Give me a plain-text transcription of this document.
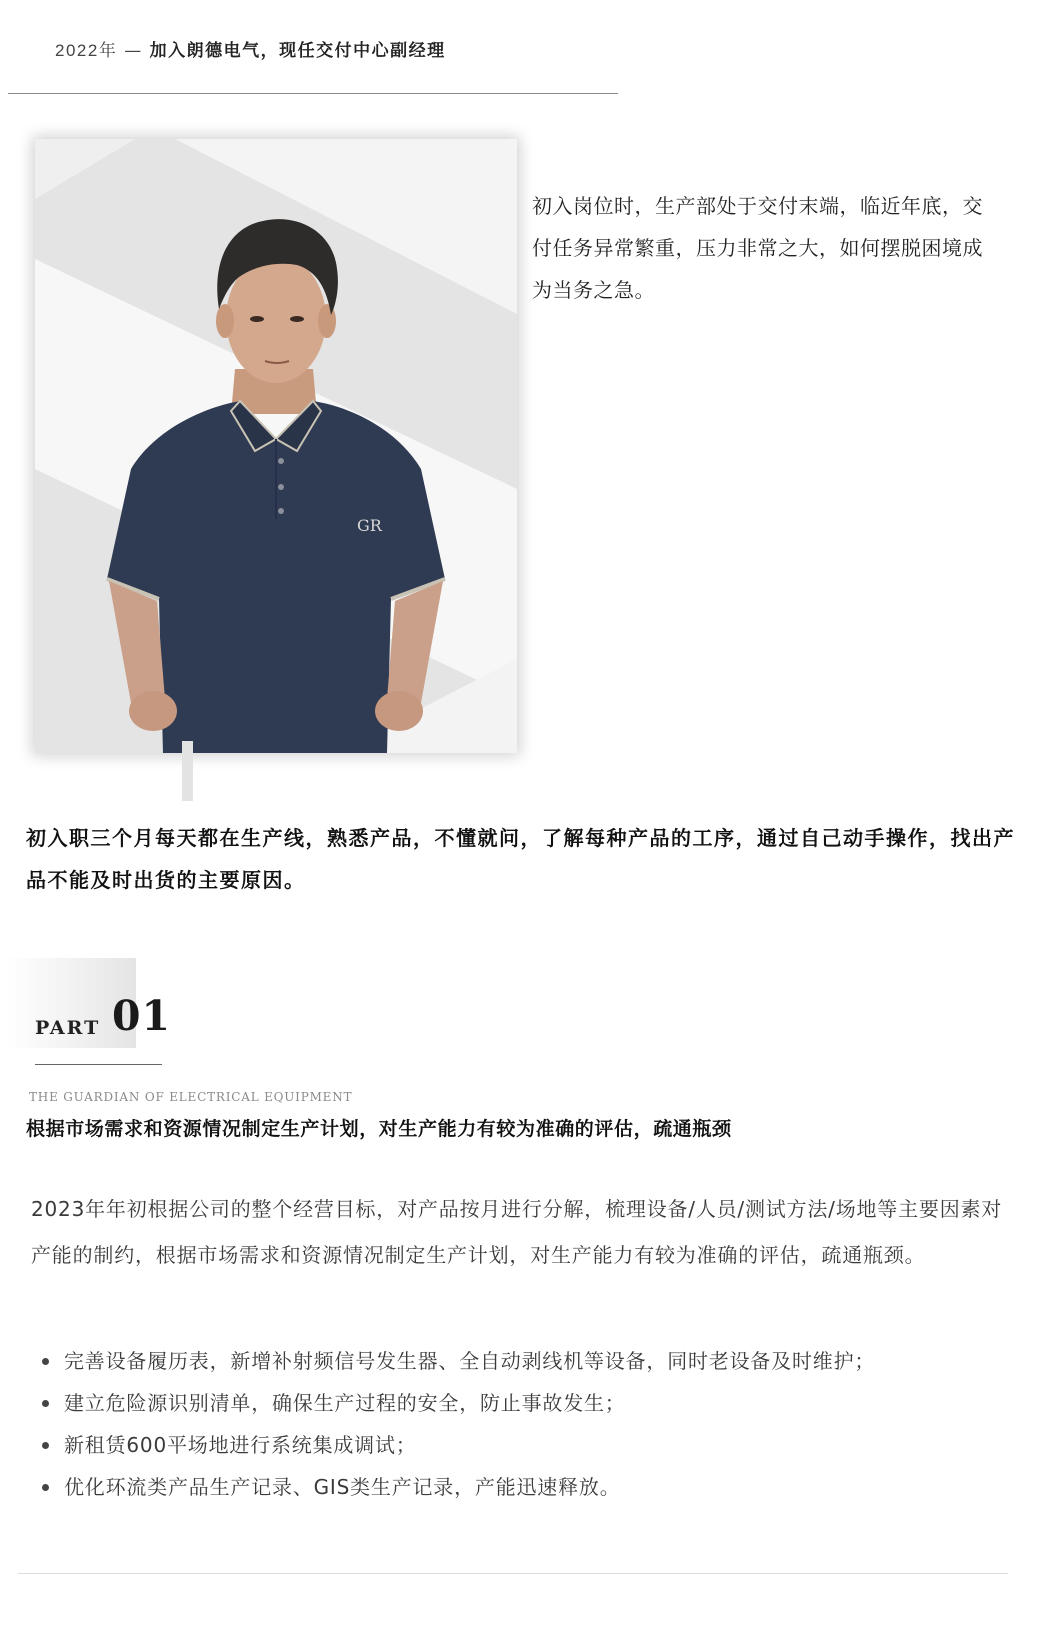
2022年 — 加入朗德电气，现任交付中心副经理
GR
初入岗位时，生产部处于交付末端，临近年底，交付任务异常繁重，压力非常之大，如何摆脱困境成为当务之急。
初入职三个月每天都在生产线，熟悉产品，不懂就问，了解每种产品的工序，通过自己动手操作，找出产品不能及时出货的主要原因。
PART 01
THE GUARDIAN OF ELECTRICAL EQUIPMENT
根据市场需求和资源情况制定生产计划，对生产能力有较为准确的评估，疏通瓶颈
2023年年初根据公司的整个经营目标，对产品按月进行分解，梳理设备/人员/测试方法/场地等主要因素对产能的制约，根据市场需求和资源情况制定生产计划，对生产能力有较为准确的评估，疏通瓶颈。
完善设备履历表，新增补射频信号发生器、全自动剥线机等设备，同时老设备及时维护；
建立危险源识别清单，确保生产过程的安全，防止事故发生；
新租赁600平场地进行系统集成调试；
优化环流类产品生产记录、GIS类生产记录，产能迅速释放。
